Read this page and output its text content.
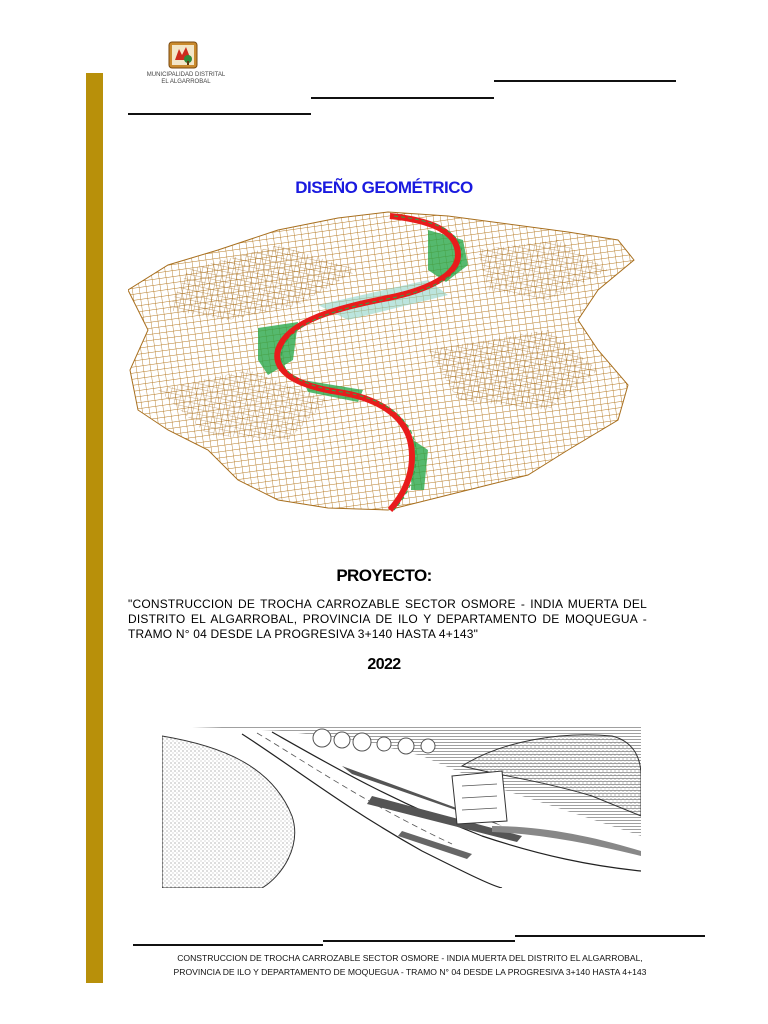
MUNICIPALIDAD DISTRITAL
EL ALGARROBAL
DISEÑO GEOMÉTRICO
PROYECTO:
"CONSTRUCCION DE TROCHA CARROZABLE SECTOR OSMORE - INDIA MUERTA DEL DISTRITO EL ALGARROBAL, PROVINCIA DE ILO Y DEPARTAMENTO DE MOQUEGUA - TRAMO N° 04 DESDE LA PROGRESIVA 3+140 HASTA 4+143"
2022
CONSTRUCCION DE TROCHA CARROZABLE SECTOR OSMORE - INDIA MUERTA DEL DISTRITO EL ALGARROBAL,
PROVINCIA DE ILO Y DEPARTAMENTO DE MOQUEGUA - TRAMO N° 04 DESDE LA PROGRESIVA 3+140 HASTA 4+143
